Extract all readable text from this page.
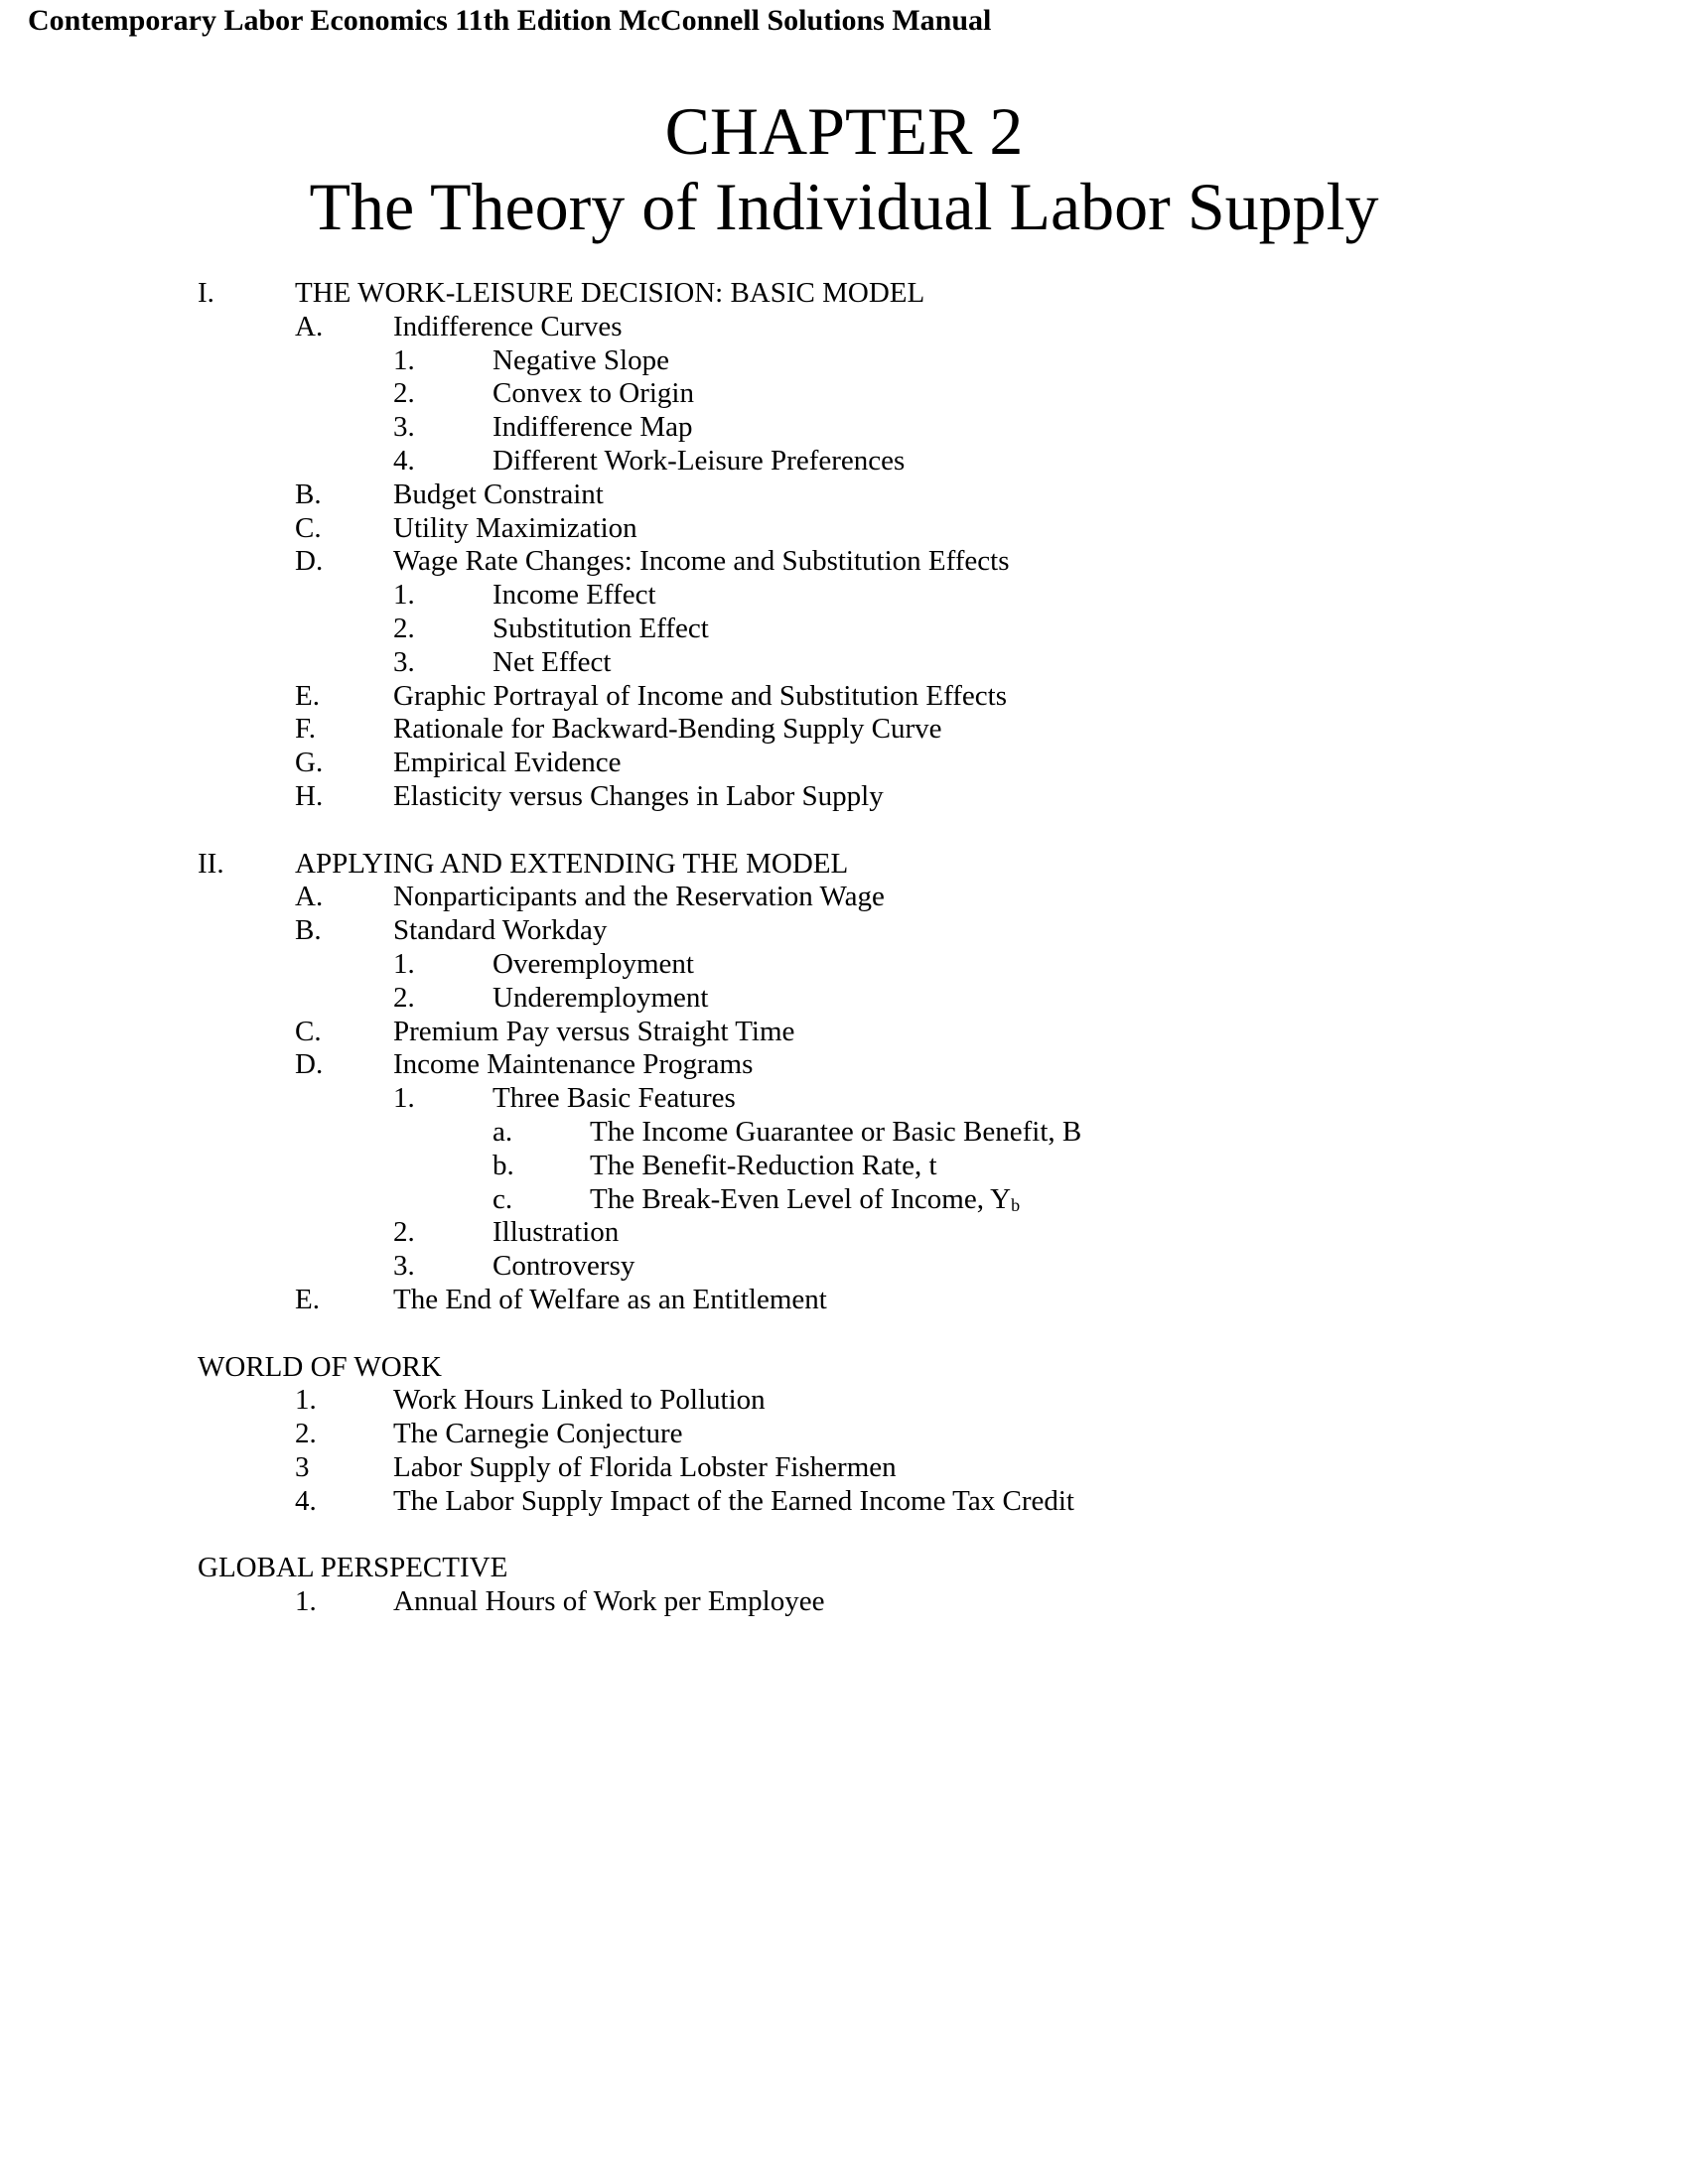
Contemporary Labor Economics 11th Edition McConnell Solutions Manual
CHAPTER 2
The Theory of Individual Labor Supply
I.	THE WORK-LEISURE DECISION: BASIC MODEL
A. Indifference Curves
1.	Negative Slope
2.	Convex to Origin
3.	Indifference Map
4.	Different Work-Leisure Preferences
B. Budget Constraint
C. Utility Maximization
D. Wage Rate Changes: Income and Substitution Effects
1.	Income Effect
2.	Substitution Effect
3.	Net Effect
E.	Graphic Portrayal of Income and Substitution Effects
F.	Rationale for Backward-Bending Supply Curve
G. Empirical Evidence
H. Elasticity versus Changes in Labor Supply
II. APPLYING AND EXTENDING THE MODEL
A. Nonparticipants and the Reservation Wage
B. Standard Workday
1.	Overemployment
2.	Underemployment
C. Premium Pay versus Straight Time
D. Income Maintenance Programs
1.	Three Basic Features
a.	The Income Guarantee or Basic Benefit, B
b.	The Benefit-Reduction Rate, t
c.	The Break-Even Level of Income, $Y_b$
2.	Illustration
3.	Controversy
E.	The End of Welfare as an Entitlement
WORLD OF WORK
1.	Work Hours Linked to Pollution
2.	The Carnegie Conjecture
3	Labor Supply of Florida Lobster Fishermen
4.	The Labor Supply Impact of the Earned Income Tax Credit
GLOBAL PERSPECTIVE
1.	Annual Hours of Work per Employee
